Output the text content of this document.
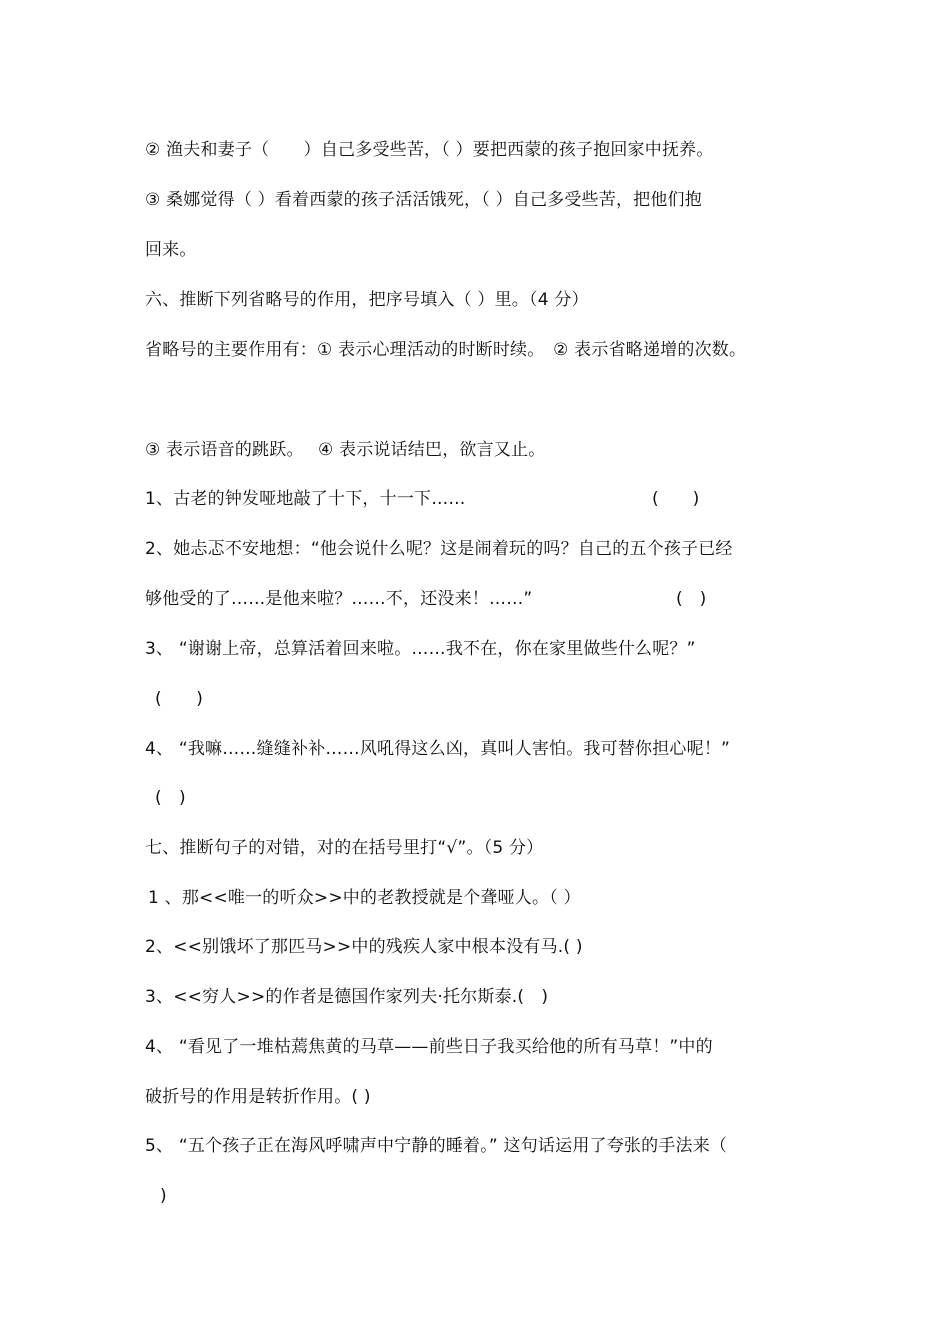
② 渔夫和妻子（　　）自己多受些苦，（ ）要把西蒙的孩子抱回家中抚养。
③ 桑娜觉得（ ）看着西蒙的孩子活活饿死，（ ）自己多受些苦，把他们抱
回来。
六、推断下列省略号的作用，把序号填入（ ）里。（4 分）
省略号的主要作用有：① 表示心理活动的时断时续。　② 表示省略递增的次数。
③ 表示语音的跳跃。　 ④ 表示说话结巴，欲言又止。
1、古老的钟发哑地敲了十下，十一下……	(　　)
2、她忐忑不安地想：“他会说什么呢？这是闹着玩的吗？自己的五个孩子已经
够他受的了……是他来啦？……不，还没来！……”	(　)
3、 “谢谢上帝，总算活着回来啦。……我不在，你在家里做些什么呢？”
(　　)
4、 “我嘛……缝缝补补……风吼得这么凶，真叫人害怕。我可替你担心呢！”
(　)
七、推断句子的对错，对的在括号里打“√”。（5 分）
1 、那<<唯一的听众>>中的老教授就是个聋哑人。（ ）
2、<<别饿坏了那匹马>>中的残疾人家中根本没有马.( )
3、<<穷人>>的作者是德国作家列夫·托尔斯泰.(　)
4、 “看见了一堆枯蔫焦黄的马草——前些日子我买给他的所有马草！”中的
破折号的作用是转折作用。( )
5、 “五个孩子正在海风呼啸声中宁静的睡着。” 这句话运用了夸张的手法来（
)
